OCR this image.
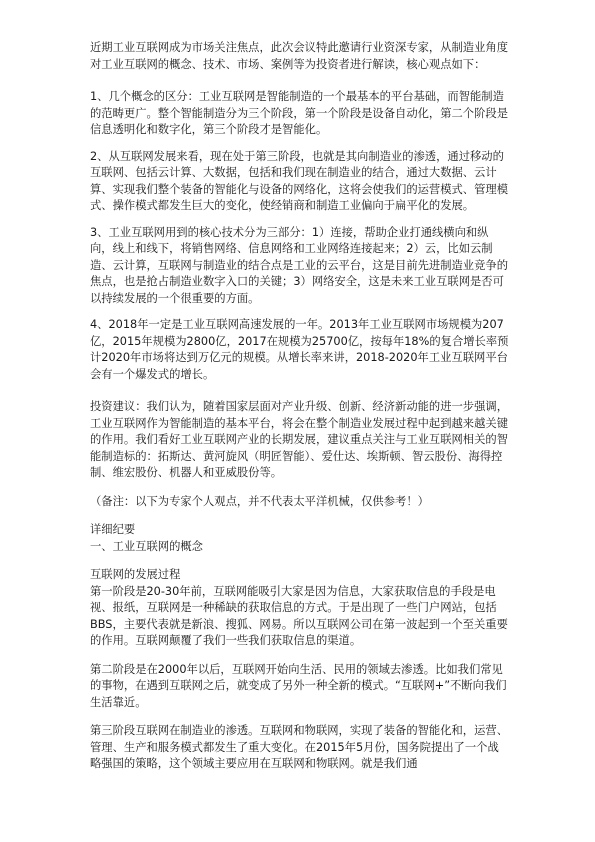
近期工业互联网成为市场关注焦点，此次会议特此邀请行业资深专家，从制造业角度对工业互联网的概念、技术、市场、案例等为投资者进行解读，核心观点如下：

1、几个概念的区分：工业互联网是智能制造的一个最基本的平台基础，而智能制造的范畴更广。整个智能制造分为三个阶段，第一个阶段是设备自动化，第二个阶段是信息透明化和数字化，第三个阶段才是智能化。

2、从互联网发展来看，现在处于第三阶段，也就是其向制造业的渗透，通过移动的互联网、包括云计算、大数据，包括和我们现在制造业的结合，通过大数据、云计算、实现我们整个装备的智能化与设备的网络化，这将会使我们的运营模式、管理模式、操作模式都发生巨大的变化，使经销商和制造工业偏向于扁平化的发展。

3、工业互联网用到的核心技术分为三部分：1）连接，帮助企业打通线横向和纵向，线上和线下，将销售网络、信息网络和工业网络连接起来；2）云，比如云制造、云计算，互联网与制造业的结合点是工业的云平台，这是目前先进制造业竞争的焦点，也是抢占制造业数字入口的关键；3）网络安全，这是未来工业互联网是否可以持续发展的一个很重要的方面。

4、2018年一定是工业互联网高速发展的一年。2013年工业互联网市场规模为207亿，2015年规模为2800亿，2017在规模为25700亿，按每年18%的复合增长率预计2020年市场将达到万亿元的规模。从增长率来讲，2018-2020年工业互联网平台会有一个爆发式的增长。

投资建议：我们认为，随着国家层面对产业升级、创新、经济新动能的进一步强调，工业互联网作为智能制造的基本平台，将会在整个制造业发展过程中起到越来越关键的作用。我们看好工业互联网产业的长期发展，建议重点关注与工业互联网相关的智能制造标的：拓斯达、黄河旋风（明匠智能）、爱仕达、埃斯顿、智云股份、海得控制、维宏股份、机器人和亚威股份等。

（备注：以下为专家个人观点，并不代表太平洋机械，仅供参考！）

详细纪要

一、工业互联网的概念

互联网的发展过程

第一阶段是20-30年前，互联网能吸引大家是因为信息，大家获取信息的手段是电视、报纸，互联网是一种稀缺的获取信息的方式。于是出现了一些门户网站，包括BBS，主要代表就是新浪、搜狐、网易。所以互联网公司在第一波起到一个至关重要的作用。互联网颠覆了我们一些我们获取信息的渠道。

第二阶段是在2000年以后，互联网开始向生活、民用的领域去渗透。比如我们常见的事物，在遇到互联网之后，就变成了另外一种全新的模式。“互联网+”不断向我们生活靠近。

第三阶段互联网在制造业的渗透。互联网和物联网，实现了装备的智能化和，运营、管理、生产和服务模式都发生了重大变化。在2015年5月份，国务院提出了一个战略强国的策略，这个领域主要应用在互联网和物联网。就是我们通
